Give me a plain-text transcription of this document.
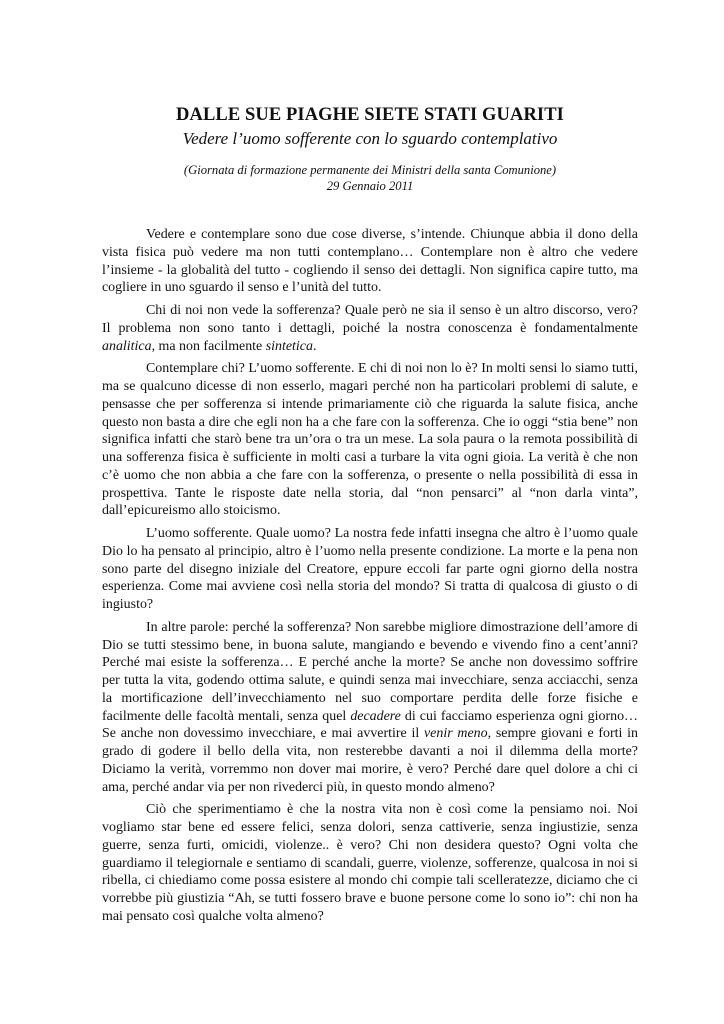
DALLE SUE PIAGHE SIETE STATI GUARITI
Vedere l’uomo sofferente con lo sguardo contemplativo
(Giornata di formazione permanente dei Ministri della santa Comunione)
29 Gennaio 2011

Vedere e contemplare sono due cose diverse, s’intende. Chiunque abbia il dono della vista fisica può vedere ma non tutti contemplano… Contemplare non è altro che vedere l’insieme - la globalità del tutto - cogliendo il senso dei dettagli. Non significa capire tutto, ma cogliere in uno sguardo il senso e l’unità del tutto.

Chi di noi non vede la sofferenza? Quale però ne sia il senso è un altro discorso, vero? Il problema non sono tanto i dettagli, poiché la nostra conoscenza è fondamentalmente analitica, ma non facilmente sintetica.

Contemplare chi? L’uomo sofferente. E chi di noi non lo è? In molti sensi lo siamo tutti, ma se qualcuno dicesse di non esserlo, magari perché non ha particolari problemi di salute, e pensasse che per sofferenza si intende primariamente ciò che riguarda la salute fisica, anche questo non basta a dire che egli non ha a che fare con la sofferenza. Che io oggi “stia bene” non significa infatti che starò bene tra un’ora o tra un mese. La sola paura o la remota possibilità di una sofferenza fisica è sufficiente in molti casi a turbare la vita ogni gioia. La verità è che non c’è uomo che non abbia a che fare con la sofferenza, o presente o nella possibilità di essa in prospettiva. Tante le risposte date nella storia, dal “non pensarci” al “non darla vinta”, dall’epicureismo allo stoicismo.

L’uomo sofferente. Quale uomo? La nostra fede infatti insegna che altro è l’uomo quale Dio lo ha pensato al principio, altro è l’uomo nella presente condizione. La morte e la pena non sono parte del disegno iniziale del Creatore, eppure eccoli far parte ogni giorno della nostra esperienza. Come mai avviene così nella storia del mondo? Si tratta di qualcosa di giusto o di ingiusto?

In altre parole: perché la sofferenza? Non sarebbe migliore dimostrazione dell’amore di Dio se tutti stessimo bene, in buona salute, mangiando e bevendo e vivendo fino a cent’anni? Perché mai esiste la sofferenza… E perché anche la morte? Se anche non dovessimo soffrire per tutta la vita, godendo ottima salute, e quindi senza mai invecchiare, senza acciacchi, senza la mortificazione dell’invecchiamento nel suo comportare perdita delle forze fisiche e facilmente delle facoltà mentali, senza quel decadere di cui facciamo esperienza ogni giorno… Se anche non dovessimo invecchiare, e mai avvertire il venir meno, sempre giovani e forti in grado di godere il bello della vita, non resterebbe davanti a noi il dilemma della morte? Diciamo la verità, vorremmo non dover mai morire, è vero? Perché dare quel dolore a chi ci ama, perché andar via per non rivederci più, in questo mondo almeno?

Ciò che sperimentiamo è che la nostra vita non è così come la pensiamo noi. Noi vogliamo star bene ed essere felici, senza dolori, senza cattiverie, senza ingiustizie, senza guerre, senza furti, omicidi, violenze.. è vero? Chi non desidera questo? Ogni volta che guardiamo il telegiornale e sentiamo di scandali, guerre, violenze, sofferenze, qualcosa in noi si ribella, ci chiediamo come possa esistere al mondo chi compie tali scelleratezze, diciamo che ci vorrebbe più giustizia “Ah, se tutti fossero brave e buone persone come lo sono io”: chi non ha mai pensato così qualche volta almeno?
